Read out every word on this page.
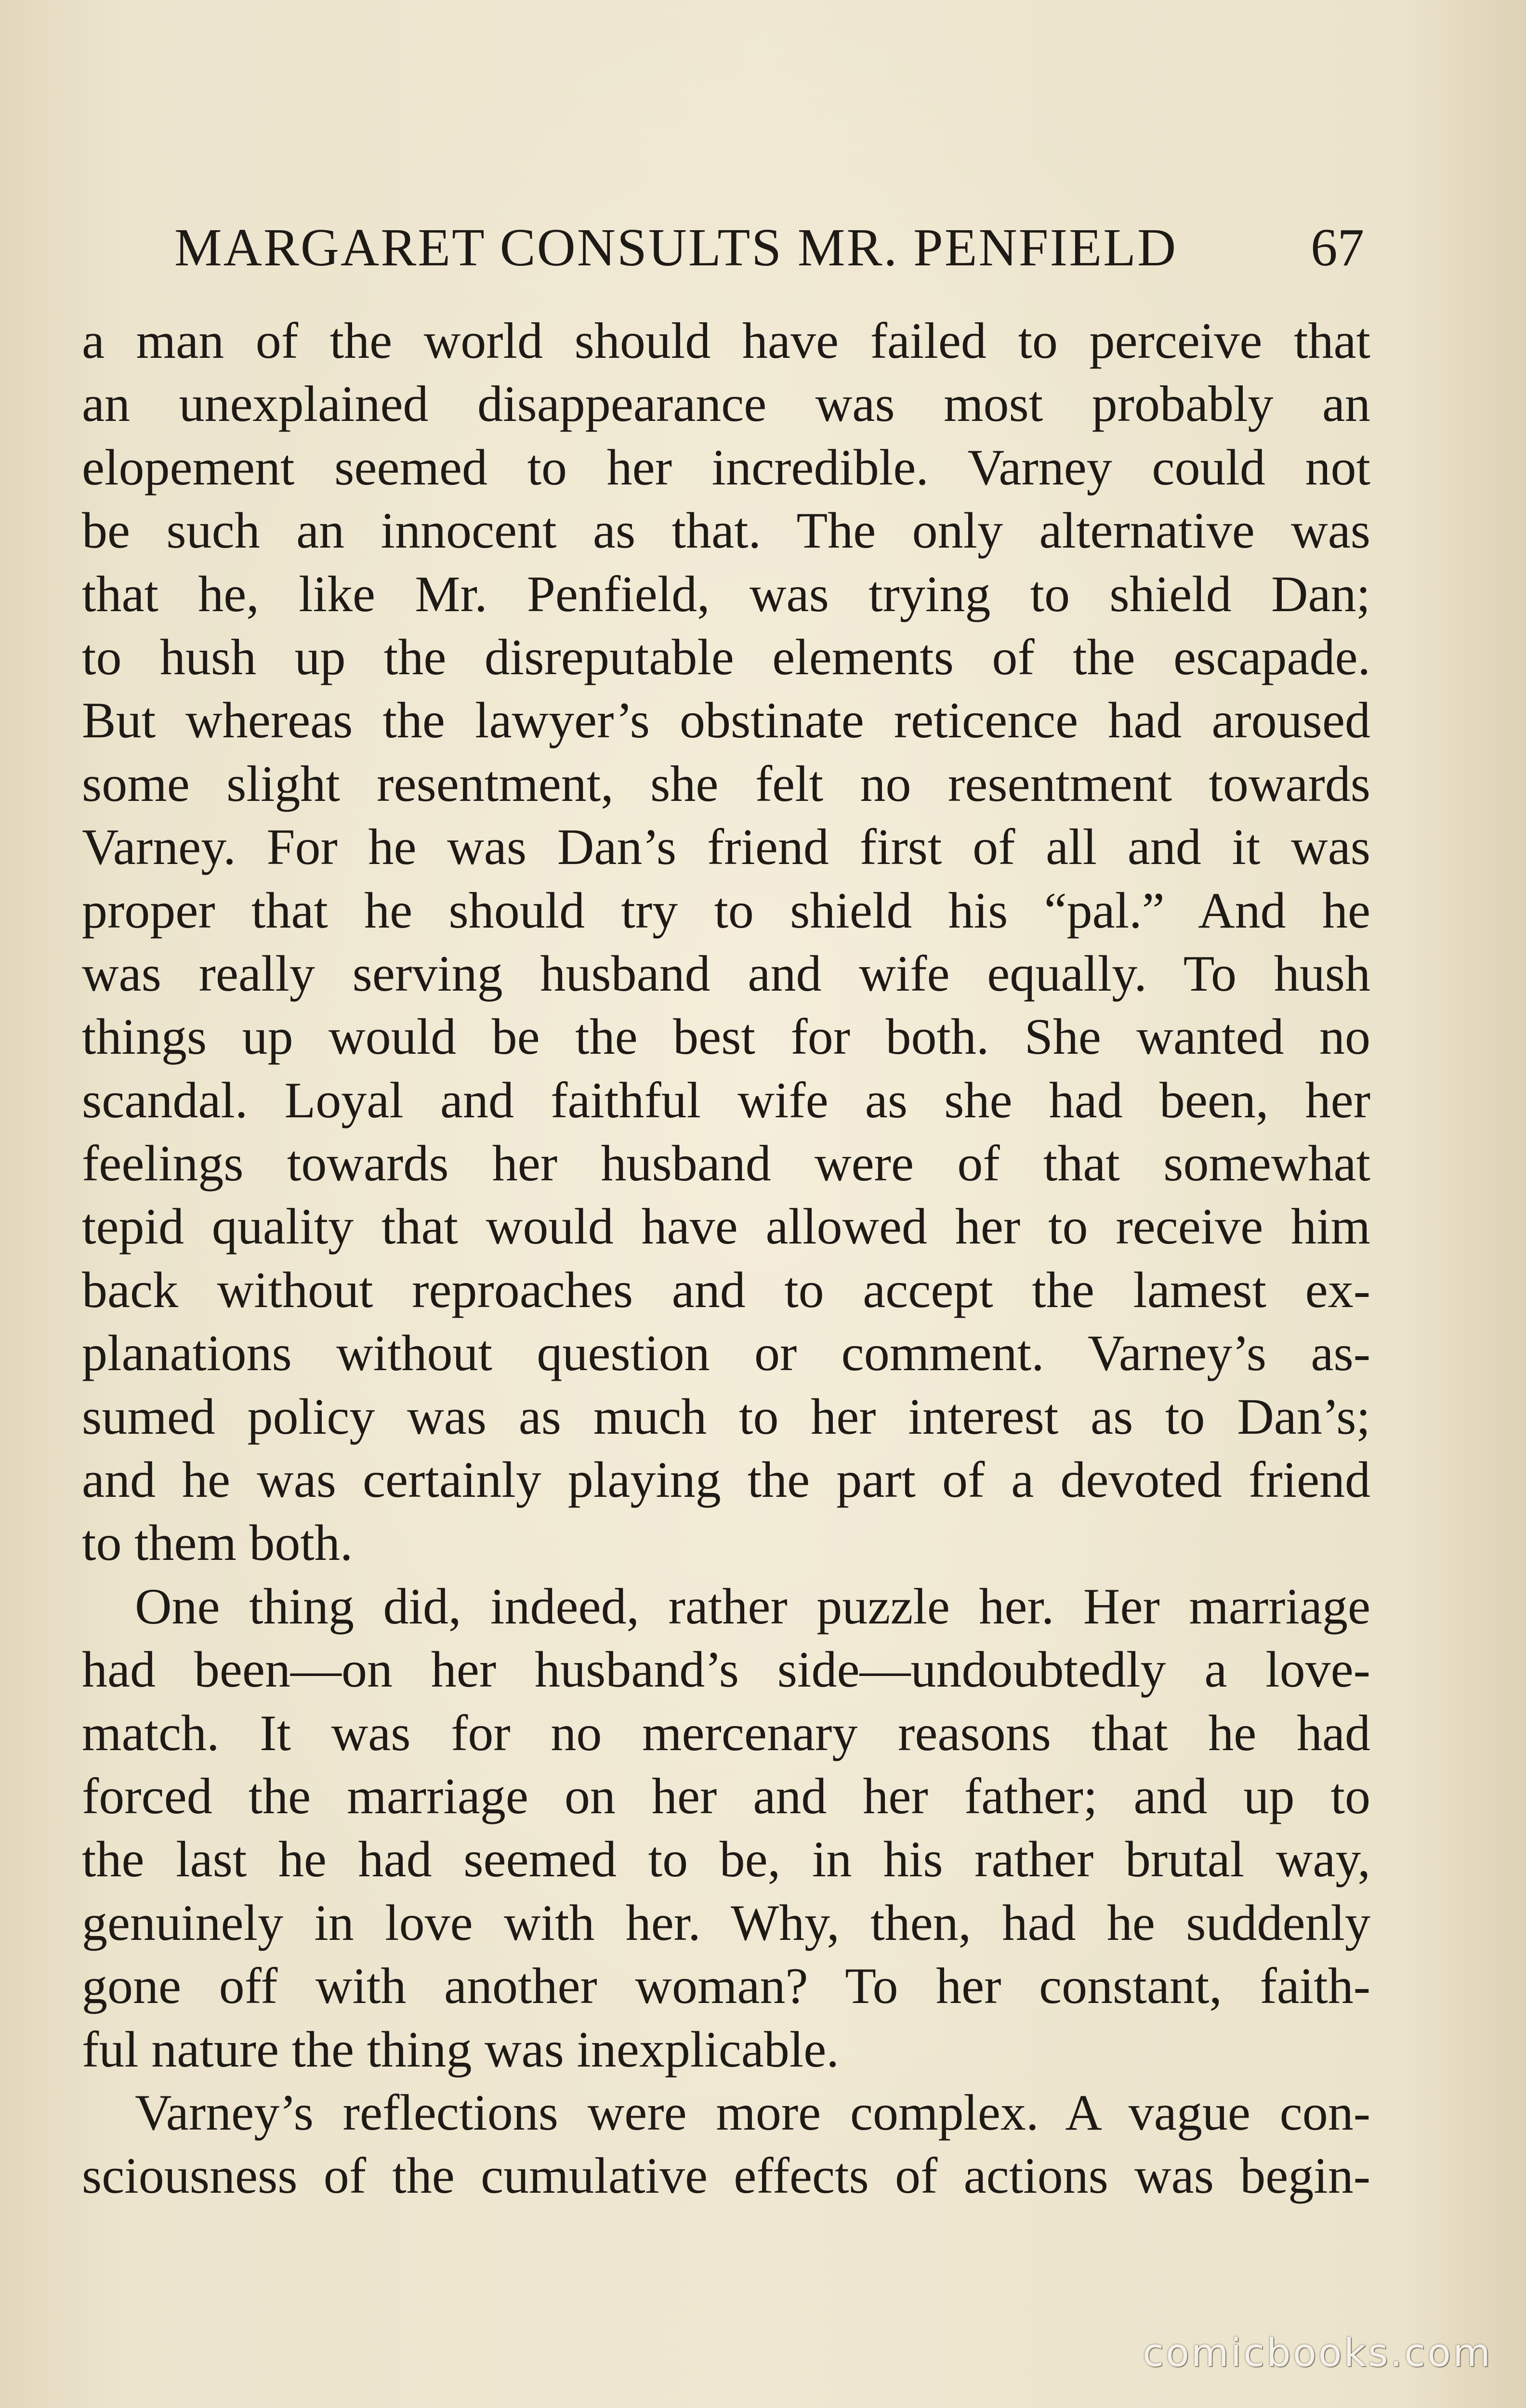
MARGARET CONSULTS MR. PENFIELD 67
a man of the world should have failed to perceive that
an unexplained disappearance was most probably an
elopement seemed to her incredible. Varney could not
be such an innocent as that. The only alternative was
that he, like Mr. Penfield, was trying to shield Dan;
to hush up the disreputable elements of the escapade.
But whereas the lawyer’s obstinate reticence had aroused
some slight resentment, she felt no resentment towards
Varney. For he was Dan’s friend first of all and it was
proper that he should try to shield his “pal.” And he
was really serving husband and wife equally. To hush
things up would be the best for both. She wanted no
scandal. Loyal and faithful wife as she had been, her
feelings towards her husband were of that somewhat
tepid quality that would have allowed her to receive him
back without reproaches and to accept the lamest ex-
planations without question or comment. Varney’s as-
sumed policy was as much to her interest as to Dan’s;
and he was certainly playing the part of a devoted friend
to them both.
One thing did, indeed, rather puzzle her. Her marriage
had been—on her husband’s side—undoubtedly a love-
match. It was for no mercenary reasons that he had
forced the marriage on her and her father; and up to
the last he had seemed to be, in his rather brutal way,
genuinely in love with her. Why, then, had he suddenly
gone off with another woman? To her constant, faith-
ful nature the thing was inexplicable.
Varney’s reflections were more complex. A vague con-
sciousness of the cumulative effects of actions was begin-
comicbooks.com
